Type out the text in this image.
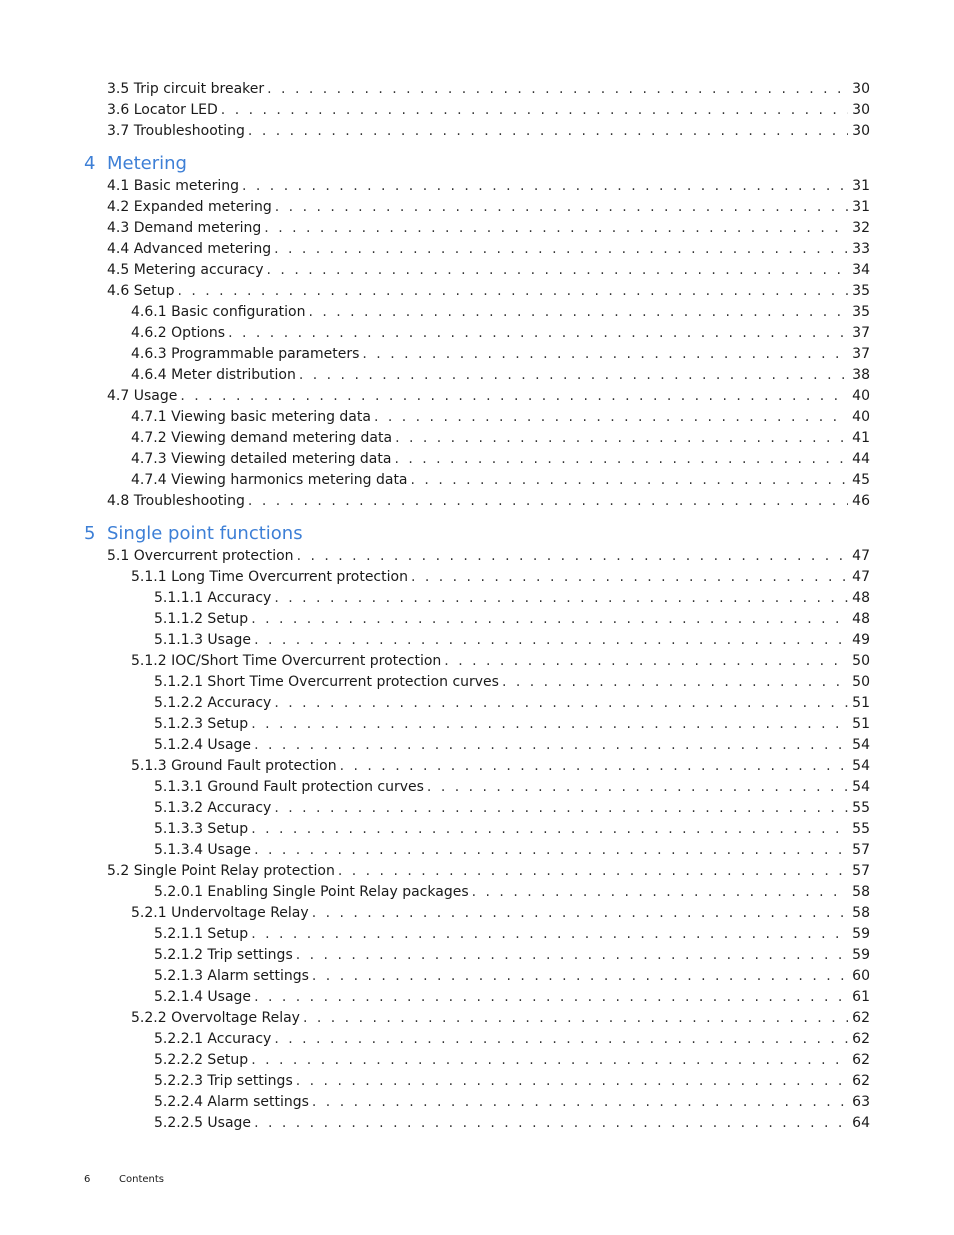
3.5 Trip circuit breaker . . .	30
3.6 Locator LED . . .	30
3.7 Troubleshooting . . .	30
4 Metering
4.1 Basic metering . . .	31
4.2 Expanded metering . . .	31
4.3 Demand metering . . .	32
4.4 Advanced metering . . .	33
4.5 Metering accuracy . . .	34
4.6 Setup . . .	35
4.6.1 Basic configuration . . .	35
4.6.2 Options . . .	37
4.6.3 Programmable parameters . . .	37
4.6.4 Meter distribution . . .	38
4.7 Usage . . .	40
4.7.1 Viewing basic metering data . . .	40
4.7.2 Viewing demand metering data . . .	41
4.7.3 Viewing detailed metering data . . .	44
4.7.4 Viewing harmonics metering data . . .	45
4.8 Troubleshooting . . .	46
5 Single point functions
5.1 Overcurrent protection . . .	47
5.1.1 Long Time Overcurrent protection . . .	47
5.1.1.1 Accuracy . . .	48
5.1.1.2 Setup . . .	48
5.1.1.3 Usage . . .	49
5.1.2 IOC/Short Time Overcurrent protection . . .	50
5.1.2.1 Short Time Overcurrent protection curves . . .	50
5.1.2.2 Accuracy . . .	51
5.1.2.3 Setup . . .	51
5.1.2.4 Usage . . .	54
5.1.3 Ground Fault protection . . .	54
5.1.3.1 Ground Fault protection curves . . .	54
5.1.3.2 Accuracy . . .	55
5.1.3.3 Setup . . .	55
5.1.3.4 Usage . . .	57
5.2 Single Point Relay protection . . .	57
5.2.0.1 Enabling Single Point Relay packages . . .	58
5.2.1 Undervoltage Relay . . .	58
5.2.1.1 Setup . . .	59
5.2.1.2 Trip settings . . .	59
5.2.1.3 Alarm settings . . .	60
5.2.1.4 Usage . . .	61
5.2.2 Overvoltage Relay . . .	62
5.2.2.1 Accuracy . . .	62
5.2.2.2 Setup . . .	62
5.2.2.3 Trip settings . . .	62
5.2.2.4 Alarm settings . . .	63
5.2.2.5 Usage . . .	64
6	Contents
